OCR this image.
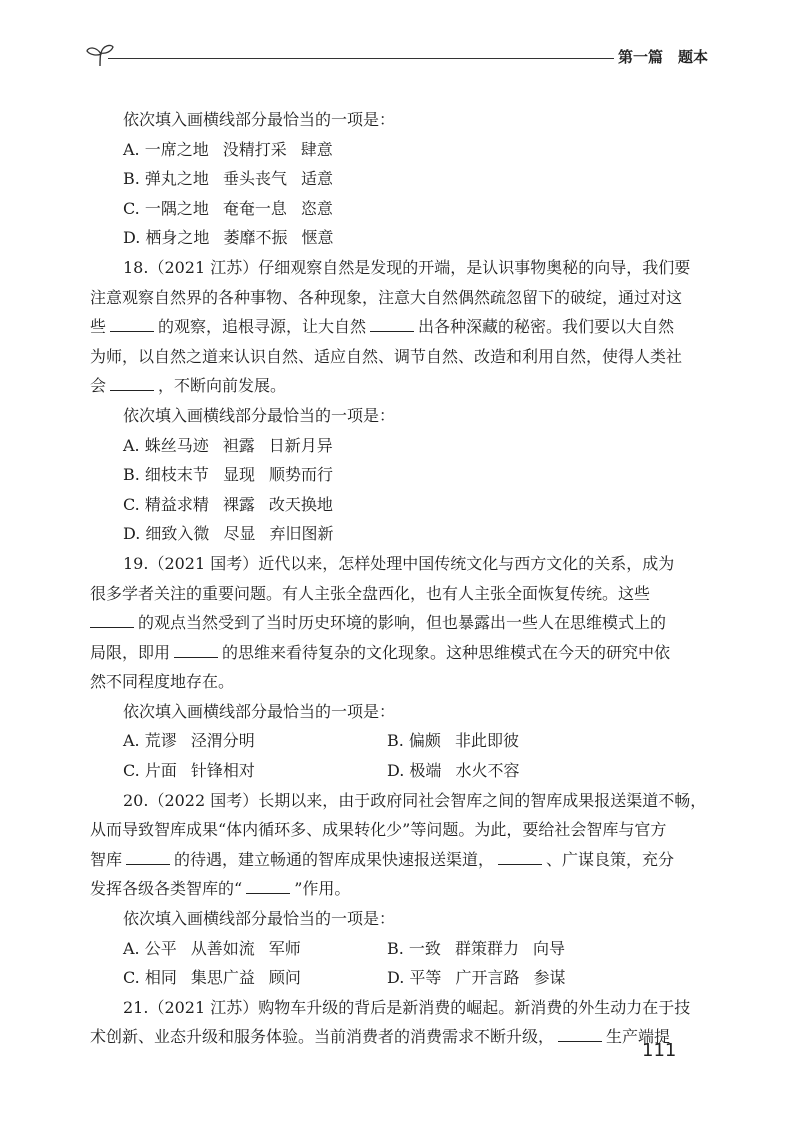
第一篇　题本
依次填入画横线部分最恰当的一项是：
A. 一席之地 没精打采 肆意
B. 弹丸之地 垂头丧气 适意
C. 一隅之地 奄奄一息 恣意
D. 栖身之地 萎靡不振 惬意
18.（2021 江苏）仔细观察自然是发现的开端，是认识事物奥秘的向导，我们要
注意观察自然界的各种事物、各种现象，注意大自然偶然疏忽留下的破绽，通过对这
些	的观察，追根寻源，让大自然	出各种深藏的秘密。我们要以大自然
为师，以自然之道来认识自然、适应自然、调节自然、改造和利用自然，使得人类社
会	，不断向前发展。
依次填入画横线部分最恰当的一项是：
A. 蛛丝马迹 袒露 日新月异
B. 细枝末节 显现 顺势而行
C. 精益求精 裸露 改天换地
D. 细致入微 尽显 弃旧图新
19.（2021 国考）近代以来，怎样处理中国传统文化与西方文化的关系，成为
很多学者关注的重要问题。有人主张全盘西化，也有人主张全面恢复传统。这些
的观点当然受到了当时历史环境的影响，但也暴露出一些人在思维模式上的
局限，即用	的思维来看待复杂的文化现象。这种思维模式在今天的研究中依
然不同程度地存在。
依次填入画横线部分最恰当的一项是：
A. 荒谬 泾渭分明	B. 偏颇 非此即彼
C. 片面 针锋相对	D. 极端 水火不容
20.（2022 国考）长期以来，由于政府同社会智库之间的智库成果报送渠道不畅，
从而导致智库成果“体内循环多、成果转化少”等问题。为此，要给社会智库与官方
智库	的待遇，建立畅通的智库成果快速报送渠道，	、广谋良策，充分
发挥各级各类智库的“	”作用。
依次填入画横线部分最恰当的一项是：
A. 公平 从善如流 军师	B. 一致 群策群力 向导
C. 相同 集思广益 顾问	D. 平等 广开言路 参谋
21.（2021 江苏）购物车升级的背后是新消费的崛起。新消费的外生动力在于技
术创新、业态升级和服务体验。当前消费者的消费需求不断升级，	生产端提
111
